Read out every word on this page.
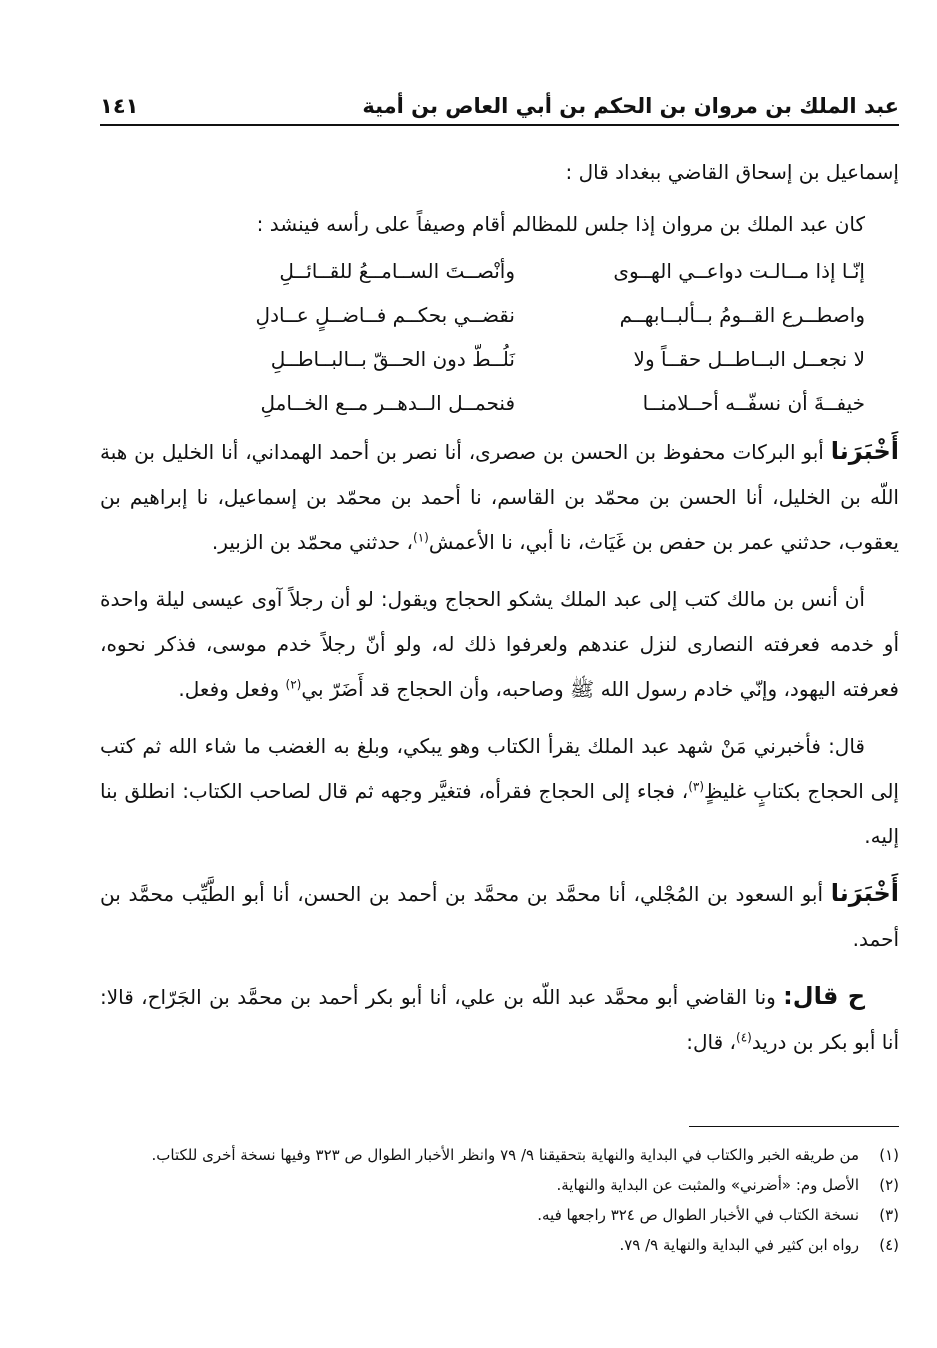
عبد الملك بن مروان بن الحكم بن أبي العاص بن أمية
١٤١

إسماعيل بن إسحاق القاضي ببغداد قال :

كان عبد الملك بن مروان إذا جلس للمظالم أقام وصيفاً على رأسه فينشد :
إنّـا إذا مــالـت دواعــي الهــوى
وأنْصــتَ الســامــعُ للقــائــلِ
واصطــرع القــومُ بــألبــابهــم
نقضــي بحكــم فــاضــلٍ عــادلِ
لا نجعــل البــاطــل حقــاً ولا
نَلُــطّ دون الحــقّ بــالبــاطــلِ
خيفــةَ أن نسفّــه أحــلامنــا
فنحمــل الــدهــر مــع الخــاملِ

أَخْبَرَنا أبو البركات محفوظ بن الحسن بن صصرى، أنا نصر بن أحمد الهمداني، أنا الخليل بن هبة اللّه بن الخليل، أنا الحسن بن محمّد بن القاسم، نا أحمد بن محمّد بن إسماعيل، نا إبراهيم بن يعقوب، حدثني عمر بن حفص بن غَيَاث، نا أبي، نا الأعمش$^{(١)}$، حدثني محمّد بن الزبير.

أن أنس بن مالك كتب إلى عبد الملك يشكو الحجاج ويقول: لو أن رجلاً آوى عيسى ليلة واحدة أو خدمه فعرفته النصارى لنزل عندهم ولعرفوا ذلك له، ولو أنّ رجلاً خدم موسى، فذكر نحوه، فعرفته اليهود، وإنّي خادم رسول الله ﷺ وصاحبه، وأن الحجاج قد أَضَرّ بي$^{(٢)}$ وفعل وفعل.

قال: فأخبرني مَنْ شهد عبد الملك يقرأ الكتاب وهو يبكي، وبلغ به الغضب ما شاء الله ثم كتب إلى الحجاج بكتابٍ غليظٍ$^{(٣)}$، فجاء إلى الحجاج فقرأه، فتغيَّر وجهه ثم قال لصاحب الكتاب: انطلق بنا إليه.

أَخْبَرَنا أبو السعود بن المُجْلي، أنا محمَّد بن محمَّد بن أحمد بن الحسن، أنا أبو الطَّيِّب محمَّد بن أحمد.

ح قال: ونا القاضي أبو محمَّد عبد اللّه بن علي، أنا أبو بكر أحمد بن محمَّد بن الجَرّاح، قالا: أنا أبو بكر بن دريد$^{(٤)}$، قال:

(١)
من طريقه الخبر والكتاب في البداية والنهاية بتحقيقنا ٩/ ٧٩ وانظر الأخبار الطوال ص ٣٢٣ وفيها نسخة أخرى للكتاب.
(٢)
الأصل وم: «أضرني» والمثبت عن البداية والنهاية.
(٣)
نسخة الكتاب في الأخبار الطوال ص ٣٢٤ راجعها فيه.
(٤)
رواه ابن كثير في البداية والنهاية ٩/ ٧٩.
